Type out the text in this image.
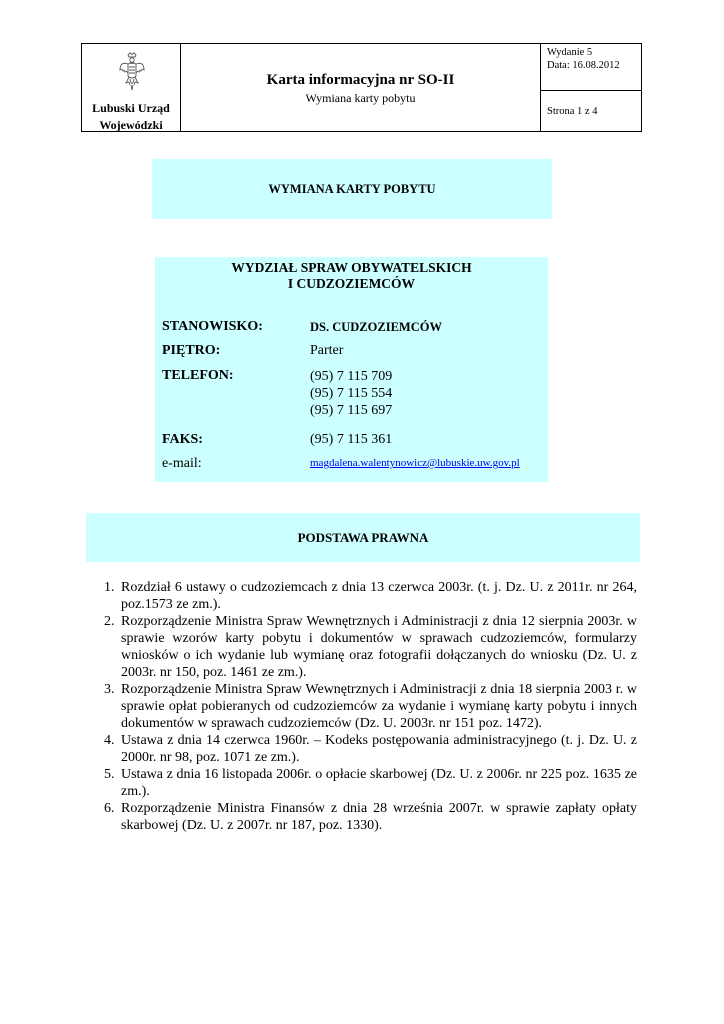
Lubuski Urząd
Wojewódzki
Karta informacyjna nr SO-II
Wymiana karty pobytu
Wydanie 5
Data: 16.08.2012
Strona 1 z 4
WYMIANA KARTY POBYTU
WYDZIAŁ SPRAW OBYWATELSKICH
I CUDZOZIEMCÓW
STANOWISKO:	DS. CUDZOZIEMCÓW
PIĘTRO:	Parter
TELEFON:	(95) 7 115 709
(95) 7 115 554
(95) 7 115 697
FAKS:	(95) 7 115 361
e-mail:	magdalena.walentynowicz@lubuskie.uw.gov.pl
PODSTAWA PRAWNA
1. Rozdział 6 ustawy o cudzoziemcach z dnia 13 czerwca 2003r. (t. j. Dz. U. z 2011r. nr 264, poz.1573 ze zm.).
2. Rozporządzenie Ministra Spraw Wewnętrznych i Administracji z dnia 12 sierpnia 2003r. w sprawie wzorów karty pobytu i dokumentów w sprawach cudzoziemców, formularzy wniosków o ich wydanie lub wymianę oraz fotografii dołączanych do wniosku (Dz. U. z 2003r. nr 150, poz. 1461 ze zm.).
3. Rozporządzenie Ministra Spraw Wewnętrznych i Administracji z dnia 18 sierpnia 2003 r. w sprawie opłat pobieranych od cudzoziemców za wydanie i wymianę karty pobytu i innych dokumentów w sprawach cudzoziemców (Dz. U. 2003r. nr 151 poz. 1472).
4. Ustawa z dnia 14 czerwca 1960r. – Kodeks postępowania administracyjnego (t. j. Dz. U. z 2000r. nr 98, poz. 1071 ze zm.).
5. Ustawa z dnia 16 listopada 2006r. o opłacie skarbowej (Dz. U. z 2006r. nr 225 poz. 1635 ze zm.).
6. Rozporządzenie Ministra Finansów z dnia 28 września 2007r. w sprawie zapłaty opłaty skarbowej (Dz. U. z 2007r. nr 187, poz. 1330).
